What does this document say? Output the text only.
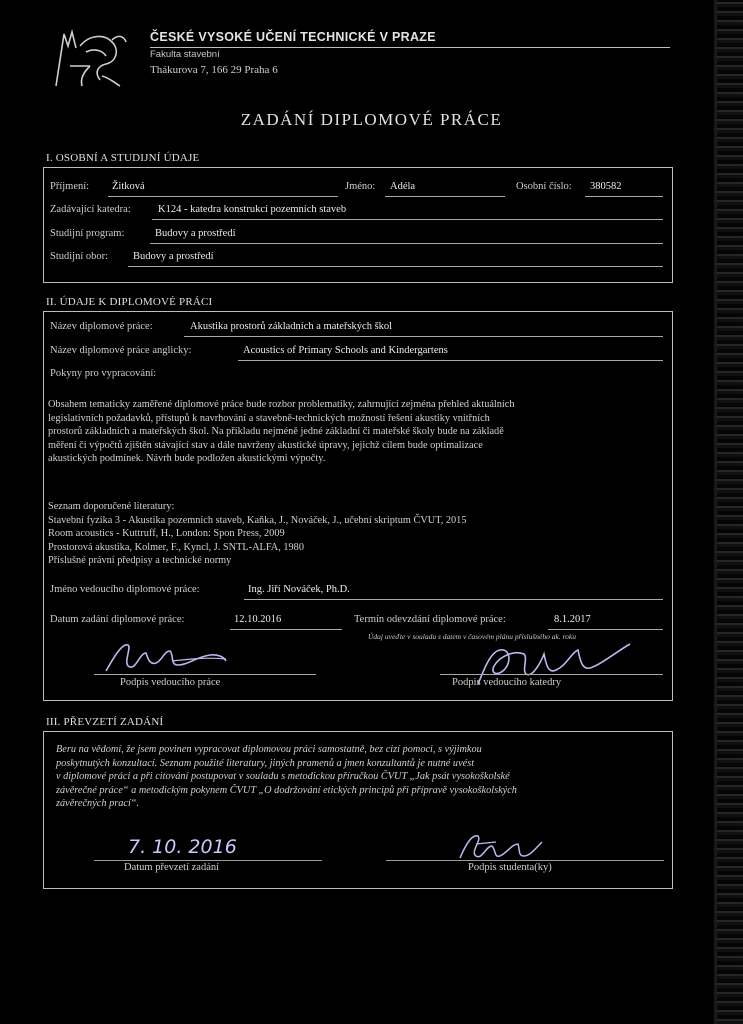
ČESKÉ VYSOKÉ UČENÍ TECHNICKÉ V PRAZE
Fakulta stavební
Thákurova 7, 166 29 Praha 6
ZADÁNÍ DIPLOMOVÉ PRÁCE
I. OSOBNÍ A STUDIJNÍ ÚDAJE
Příjmení: Žitková	Jméno: Adéla	Osobní číslo: 380582
Zadávající katedra:	K124 - katedra konstrukcí pozemních staveb
Studijní program:	Budovy a prostředí
Studijní obor: Budovy a prostředí
II. ÚDAJE K DIPLOMOVÉ PRÁCI
Název diplomové práce:	Akustika prostorů základních a mateřských škol
Název diplomové práce anglicky:	Acoustics of Primary Schools and Kindergartens
Pokyny pro vypracování:
Obsahem tematicky zaměřené diplomové práce bude rozbor problematiky, zahrnující zejména přehled aktuálních
legislativních požadavků, přístupů k navrhování a stavebně-technických možností řešení akustiky vnitřních
prostorů základních a mateřských škol. Na příkladu nejméně jedné základní či mateřské školy bude na základě
měření či výpočtů zjištěn stávající stav a dále navrženy akustické úpravy, jejichž cílem bude optimalizace
akustických podmínek. Návrh bude podložen akustickými výpočty.
Seznam doporučené literatury:
Stavební fyzika 3 - Akustika pozemních staveb, Kaňka, J., Nováček, J., učební skriptum ČVUT, 2015
Room acoustics - Kuttruff, H., London: Spon Press, 2009
Prostorová akustika, Kolmer, F., Kyncl, J. SNTL-ALFA, 1980
Příslušné právní předpisy a technické normy
Jméno vedoucího diplomové práce:	Ing. Jiří Nováček, Ph.D.
Datum zadání diplomové práce:	12.10.2016	Termín odevzdání diplomové práce:	8.1.2017
Údaj uveďte v souladu s datem v časovém plánu příslušného ak. roku
Podpis vedoucího práce	Podpis vedoucího katedry
III. PŘEVZETÍ ZADÁNÍ
Beru na vědomí, že jsem povinen vypracovat diplomovou práci samostatně, bez cizí pomoci, s výjimkou
poskytnutých konzultací. Seznam použité literatury, jiných pramenů a jmen konzultantů je nutné uvést
v diplomové práci a při citování postupovat v souladu s metodickou příručkou ČVUT „Jak psát vysokoškolské
závěrečné práce“ a metodickým pokynem ČVUT „O dodržování etických principů při přípravě vysokoškolských
závěrečných prací“.
7. 10. 2016
Datum převzetí zadání	Podpis studenta(ky)
